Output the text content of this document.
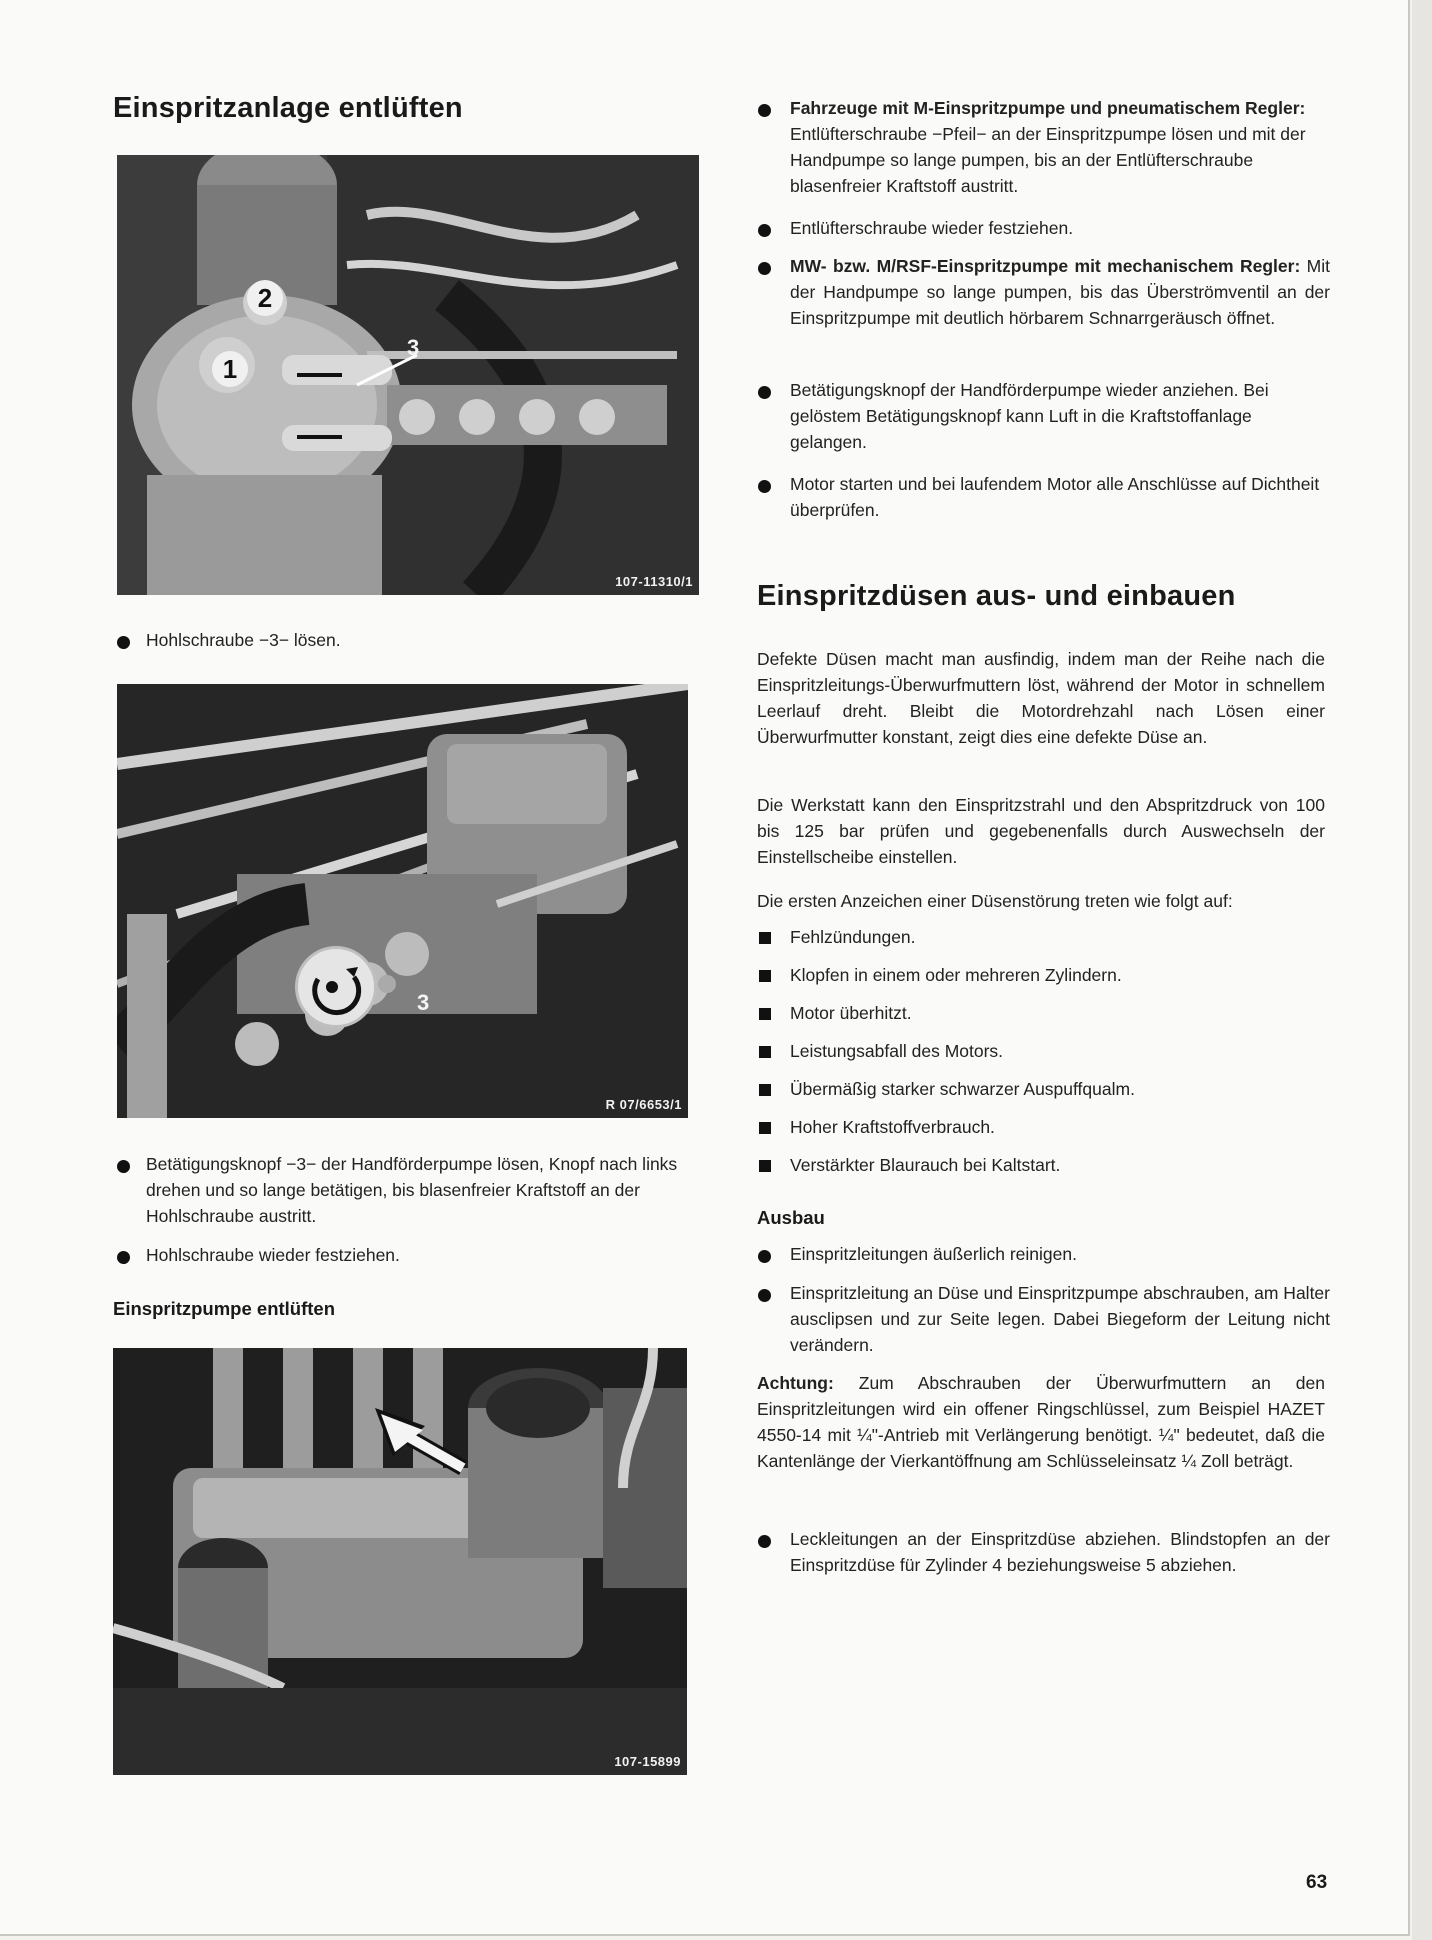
Einspritzanlage entlüften
1
2
3
107-11310/1
Hohlschraube −3− lösen.
3
R 07/6653/1
Betätigungsknopf −3− der Handförderpumpe lösen, Knopf nach links drehen und so lange betätigen, bis blasenfreier Kraftstoff an der Hohlschraube austritt.
Hohlschraube wieder festziehen.
Einspritzpumpe entlüften
107-15899
Fahrzeuge mit M-Einspritzpumpe und pneumatischem Regler: Entlüfterschraube −Pfeil− an der Einspritzpumpe lösen und mit der Handpumpe so lange pumpen, bis an der Entlüfterschraube blasenfreier Kraftstoff austritt.
Entlüfterschraube wieder festziehen.
MW- bzw. M/RSF-Einspritzpumpe mit mechanischem Regler: Mit der Handpumpe so lange pumpen, bis das Überströmventil an der Einspritzpumpe mit deutlich hörbarem Schnarrgeräusch öffnet.
Betätigungsknopf der Handförderpumpe wieder anziehen. Bei gelöstem Betätigungsknopf kann Luft in die Kraftstoffanlage gelangen.
Motor starten und bei laufendem Motor alle Anschlüsse auf Dichtheit überprüfen.
Einspritzdüsen aus- und einbauen
Defekte Düsen macht man ausfindig, indem man der Reihe nach die Einspritzleitungs-Überwurfmuttern löst, während der Motor in schnellem Leerlauf dreht. Bleibt die Motordrehzahl nach Lösen einer Überwurfmutter konstant, zeigt dies eine defekte Düse an.
Die Werkstatt kann den Einspritzstrahl und den Abspritzdruck von 100 bis 125 bar prüfen und gegebenenfalls durch Auswechseln der Einstellscheibe einstellen.
Die ersten Anzeichen einer Düsenstörung treten wie folgt auf:
Fehlzündungen.
Klopfen in einem oder mehreren Zylindern.
Motor überhitzt.
Leistungsabfall des Motors.
Übermäßig starker schwarzer Auspuffqualm.
Hoher Kraftstoffverbrauch.
Verstärkter Blaurauch bei Kaltstart.
Ausbau
Einspritzleitungen äußerlich reinigen.
Einspritzleitung an Düse und Einspritzpumpe abschrauben, am Halter ausclipsen und zur Seite legen. Dabei Biegeform der Leitung nicht verändern.
Achtung: Zum Abschrauben der Überwurfmuttern an den Einspritzleitungen wird ein offener Ringschlüssel, zum Beispiel HAZET 4550-14 mit ¼"-Antrieb mit Verlängerung benötigt. ¼" bedeutet, daß die Kantenlänge der Vierkantöffnung am Schlüsseleinsatz ¼ Zoll beträgt.
Leckleitungen an der Einspritzdüse abziehen. Blindstopfen an der Einspritzdüse für Zylinder 4 beziehungsweise 5 abziehen.
63
